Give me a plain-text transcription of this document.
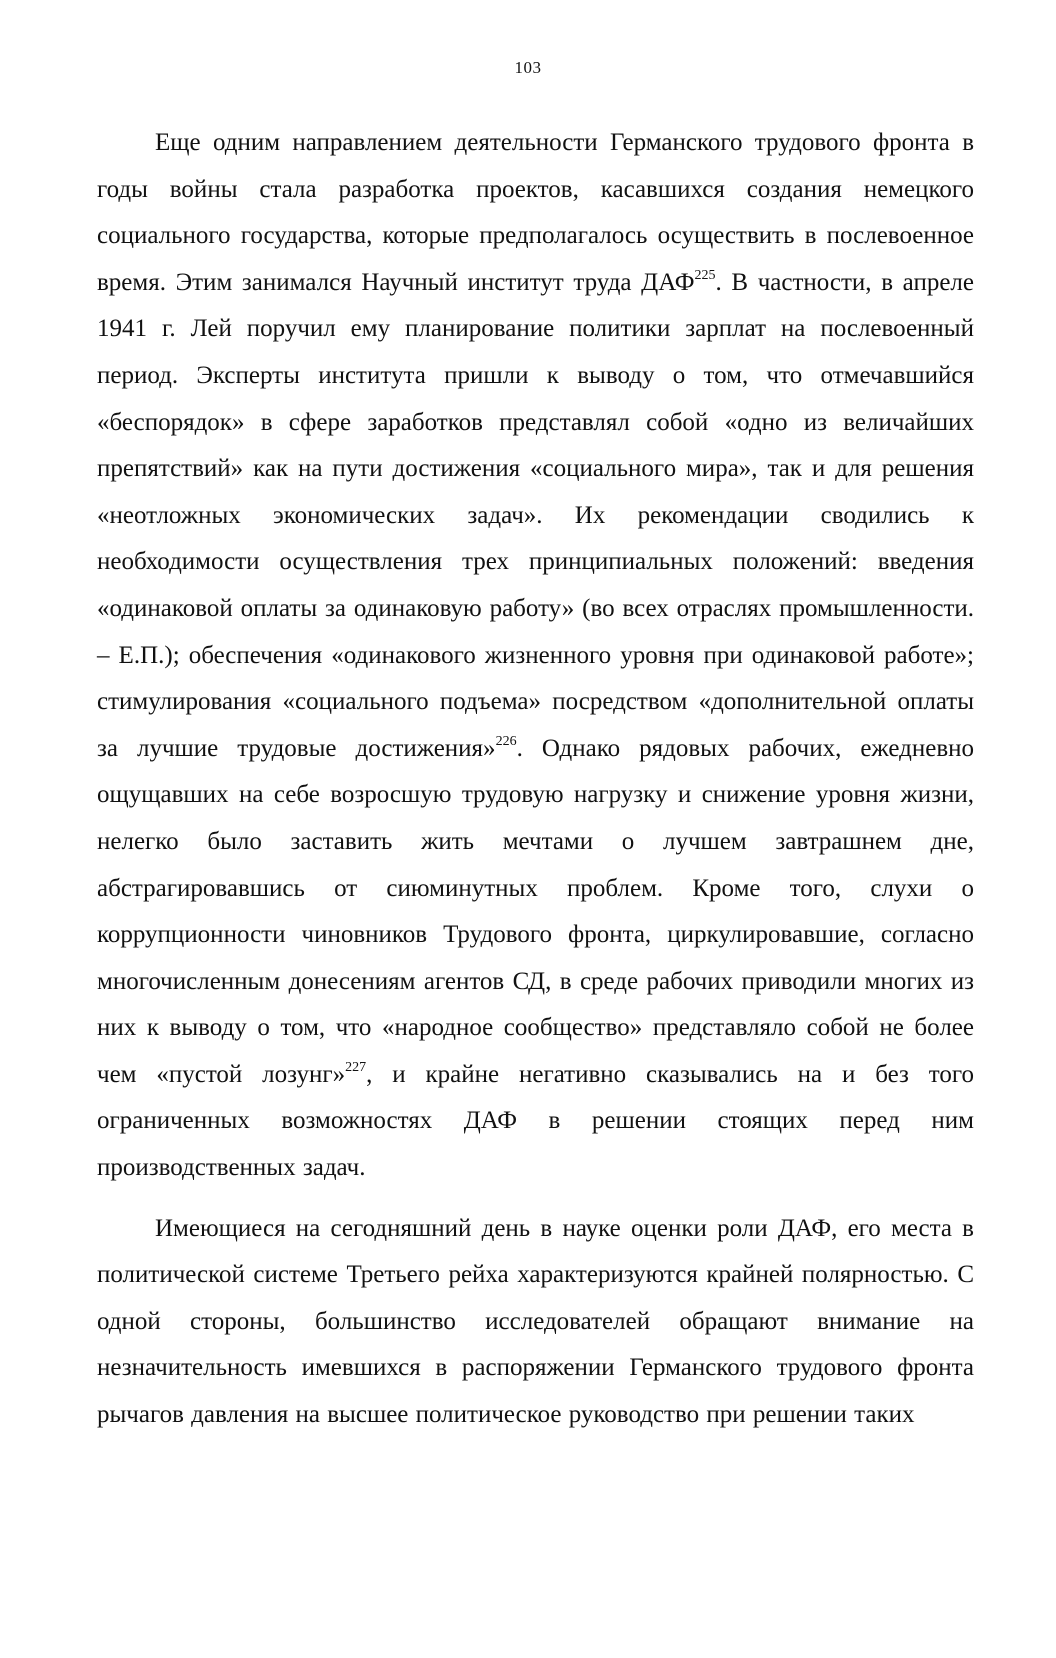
103

Еще одним направлением деятельности Германского трудового фронта в годы войны стала разработка проектов, касавшихся создания немецкого социального государства, которые предполагалось осуществить в послевоенное время. Этим занимался Научный институт труда ДАФ$^{225}$. В частности, в апреле 1941 г. Лей поручил ему планирование политики зарплат на послевоенный период. Эксперты института пришли к выводу о том, что отмечавшийся «беспорядок» в сфере заработков представлял собой «одно из величайших препятствий» как на пути достижения «социального мира», так и для решения «неотложных экономических задач». Их рекомендации сводились к необходимости осуществления трех принципиальных положений: введения «одинаковой оплаты за одинаковую работу» (во всех отраслях промышленности. – Е.П.); обеспечения «одинакового жизненного уровня при одинаковой работе»; стимулирования «социального подъема» посредством «дополнительной оплаты за лучшие трудовые достижения»$^{226}$. Однако рядовых рабочих, ежедневно ощущавших на себе возросшую трудовую нагрузку и снижение уровня жизни, нелегко было заставить жить мечтами о лучшем завтрашнем дне, абстрагировавшись от сиюминутных проблем. Кроме того, слухи о коррупционности чиновников Трудового фронта, циркулировавшие, согласно многочисленным донесениям агентов СД, в среде рабочих приводили многих из них к выводу о том, что «народное сообщество» представляло собой не более чем «пустой лозунг»$^{227}$, и крайне негативно сказывались на и без того ограниченных возможностях ДАФ в решении стоящих перед ним производственных задач.

Имеющиеся на сегодняшний день в науке оценки роли ДАФ, его места в политической системе Третьего рейха характеризуются крайней полярностью. С одной стороны, большинство исследователей обращают внимание на незначительность имевшихся в распоряжении Германского трудового фронта рычагов давления на высшее политическое руководство при решении таких
